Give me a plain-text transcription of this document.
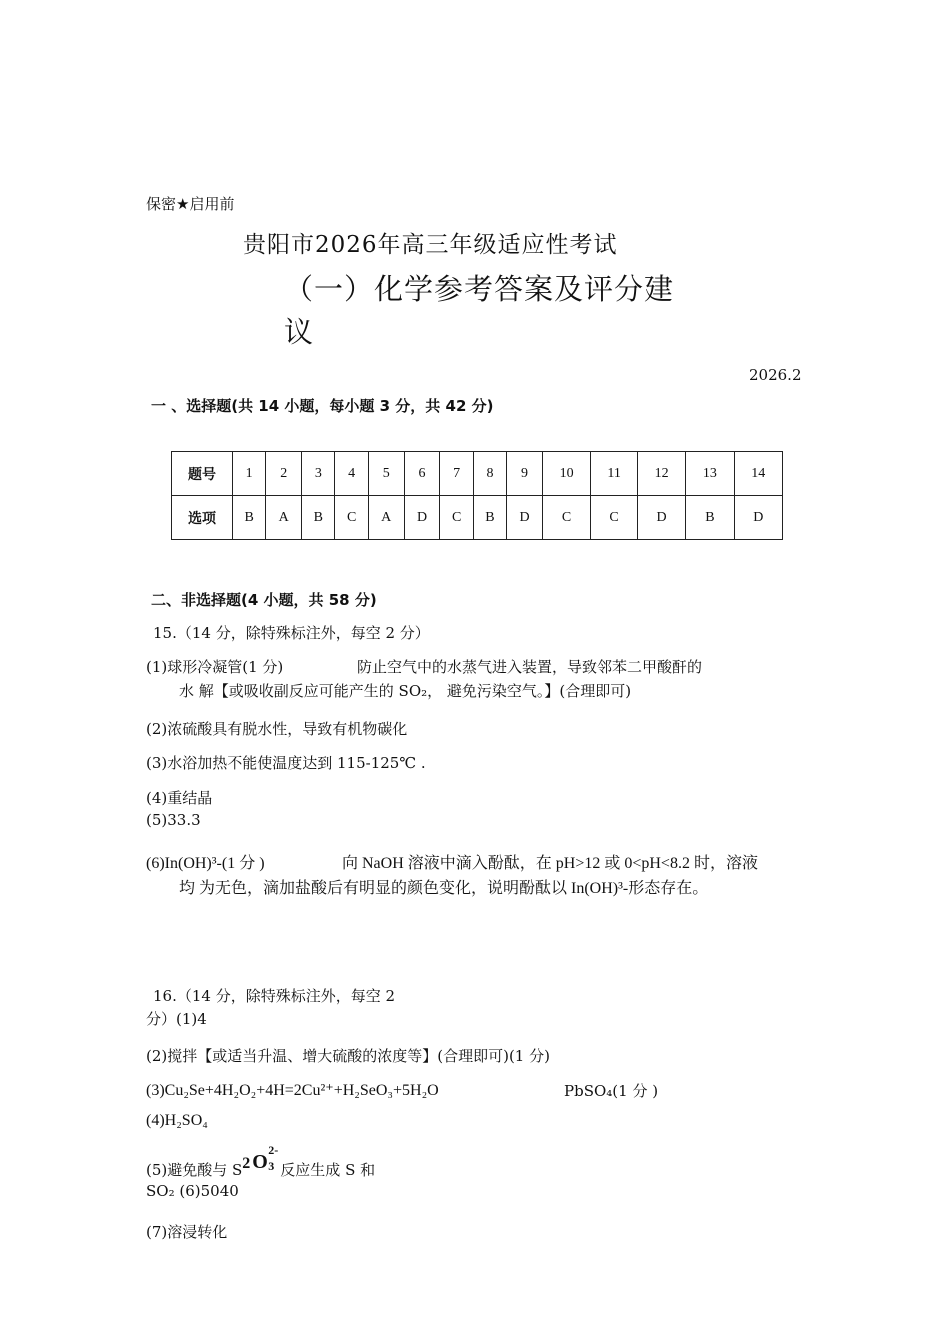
保密★启用前
贵阳市2026年高三年级适应性考试
（一）化学参考答案及评分建
议
2026.2
一 、选择题(共 14 小题，每小题 3 分，共 42 分)
题号	1	2	3	4	5	6	7	8	9	10	11	12	13	14
选项	B	A	B	C	A	D	C	B	D	C	C	D	B	D
二、非选择题(4 小题，共 58 分)
15.（14 分，除特殊标注外，每空 2 分）
(1)球形冷凝管(1 分)	防止空气中的水蒸气进入装置，导致邻苯二甲酸酐的
水 解【或吸收副反应可能产生的 SO₂， 避免污染空气。】(合理即可)
(2)浓硫酸具有脱水性，导致有机物碳化
(3)水浴加热不能使温度达到 115-125℃ .
(4)重结晶
(5)33.3
(6)In(OH)³-(1 分 )	向 NaOH 溶液中滴入酚酞，在 pH>12 或 0<pH<8.2 时，溶液
均 为无色，滴加盐酸后有明显的颜色变化，说明酚酞以 In(OH)³-形态存在。
16.（14 分，除特殊标注外，每空 2
分）(1)4
(2)搅拌【或适当升温、增大硫酸的浓度等】(合理即可)(1 分)
(3)Cu₂Se+4H₂O₂+4H=2Cu²⁺+H₂SeO₃+5H₂O	PbSO₄(1 分 )
(4)H₂SO₄
(5)避免酸与 S 2 O 3
2-
反应生成 S 和
SO₂ (6)5040
(7)溶浸转化
